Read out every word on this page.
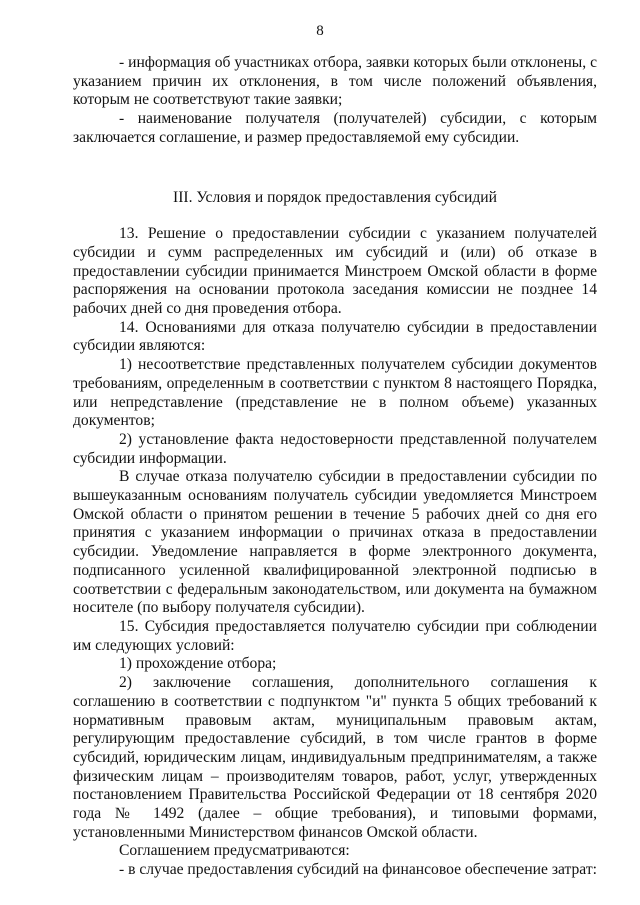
8

- информация об участниках отбора, заявки которых были отклонены, с указанием причин их отклонения, в том числе положений объявления, которым не соответствуют такие заявки;

- наименование получателя (получателей) субсидии, с которым заключается соглашение, и размер предоставляемой ему субсидии.

III. Условия и порядок предоставления субсидий

13. Решение о предоставлении субсидии с указанием получателей субсидии и сумм распределенных им субсидий и (или) об отказе в предоставлении субсидии принимается Минстроем Омской области в форме распоряжения на основании протокола заседания комиссии не позднее 14 рабочих дней со дня проведения отбора.

14. Основаниями для отказа получателю субсидии в предоставлении субсидии являются:

1) несоответствие представленных получателем субсидии документов требованиям, определенным в соответствии с пунктом 8 настоящего Порядка, или непредставление (представление не в полном объеме) указанных документов;

2) установление факта недостоверности представленной получателем субсидии информации.

В случае отказа получателю субсидии в предоставлении субсидии по вышеуказанным основаниям получатель субсидии уведомляется Минстроем Омской области о принятом решении в течение 5 рабочих дней со дня его принятия с указанием информации о причинах отказа в предоставлении субсидии. Уведомление направляется в форме электронного документа, подписанного усиленной квалифицированной электронной подписью в соответствии с федеральным законодательством, или документа на бумажном носителе (по выбору получателя субсидии).

15. Субсидия предоставляется получателю субсидии при соблюдении им следующих условий:

1) прохождение отбора;

2) заключение соглашения, дополнительного соглашения к соглашению в соответствии с подпунктом "и" пункта 5 общих требований к нормативным правовым актам, муниципальным правовым актам, регулирующим предоставление субсидий, в том числе грантов в форме субсидий, юридическим лицам, индивидуальным предпринимателям, а также физическим лицам – производителям товаров, работ, услуг, утвержденных постановлением Правительства Российской Федерации от 18 сентября 2020 года № 1492 (далее – общие требования), и типовыми формами, установленными Министерством финансов Омской области.

Соглашением предусматриваются:

- в случае предоставления субсидий на финансовое обеспечение затрат:
